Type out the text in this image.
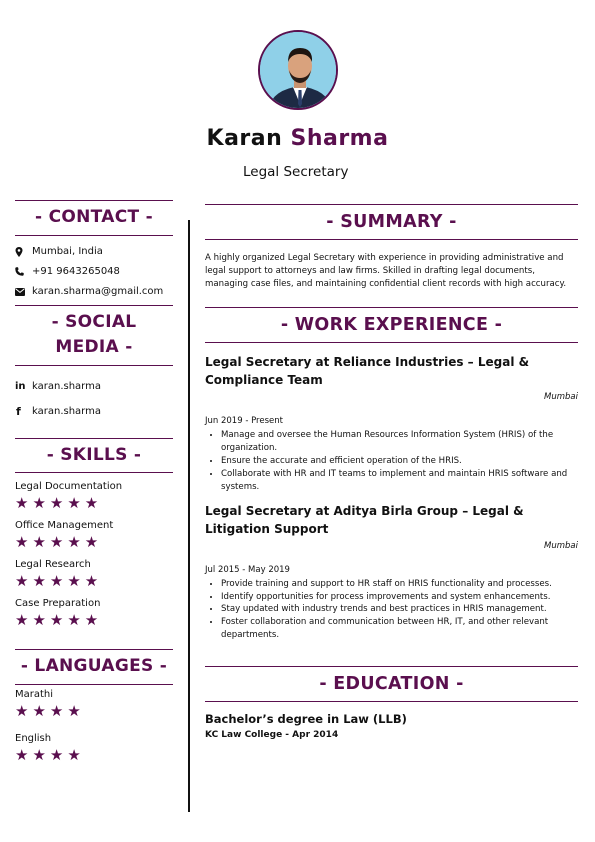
Karan Sharma
Legal Secretary
- CONTACT -
Mumbai, India
+91 9643265048
karan.sharma@gmail.com
- SOCIAL
MEDIA -
in karan.sharma
f	karan.sharma
- SKILLS -
Legal Documentation
★★★★★
Office Management
★★★★★
Legal Research
★★★★★
Case Preparation
★★★★★
- LANGUAGES -
Marathi
★★★★
English
★★★★
- SUMMARY -
A highly organized Legal Secretary with experience in providing administrative and legal support to attorneys and law firms. Skilled in drafting legal documents, managing case files, and maintaining confidential client records with high accuracy.
- WORK EXPERIENCE -
Legal Secretary at Reliance Industries – Legal & Compliance Team
Mumbai
Jun 2019 - Present
• Manage and oversee the Human Resources Information System (HRIS) of the organization.
• Ensure the accurate and efficient operation of the HRIS.
• Collaborate with HR and IT teams to implement and maintain HRIS software and systems.
Legal Secretary at Aditya Birla Group – Legal & Litigation Support
Mumbai
Jul 2015 - May 2019
• Provide training and support to HR staff on HRIS functionality and processes.
• Identify opportunities for process improvements and system enhancements.
• Stay updated with industry trends and best practices in HRIS management.
• Foster collaboration and communication between HR, IT, and other relevant departments.
- EDUCATION -
Bachelor’s degree in Law (LLB)
KC Law College - Apr 2014
